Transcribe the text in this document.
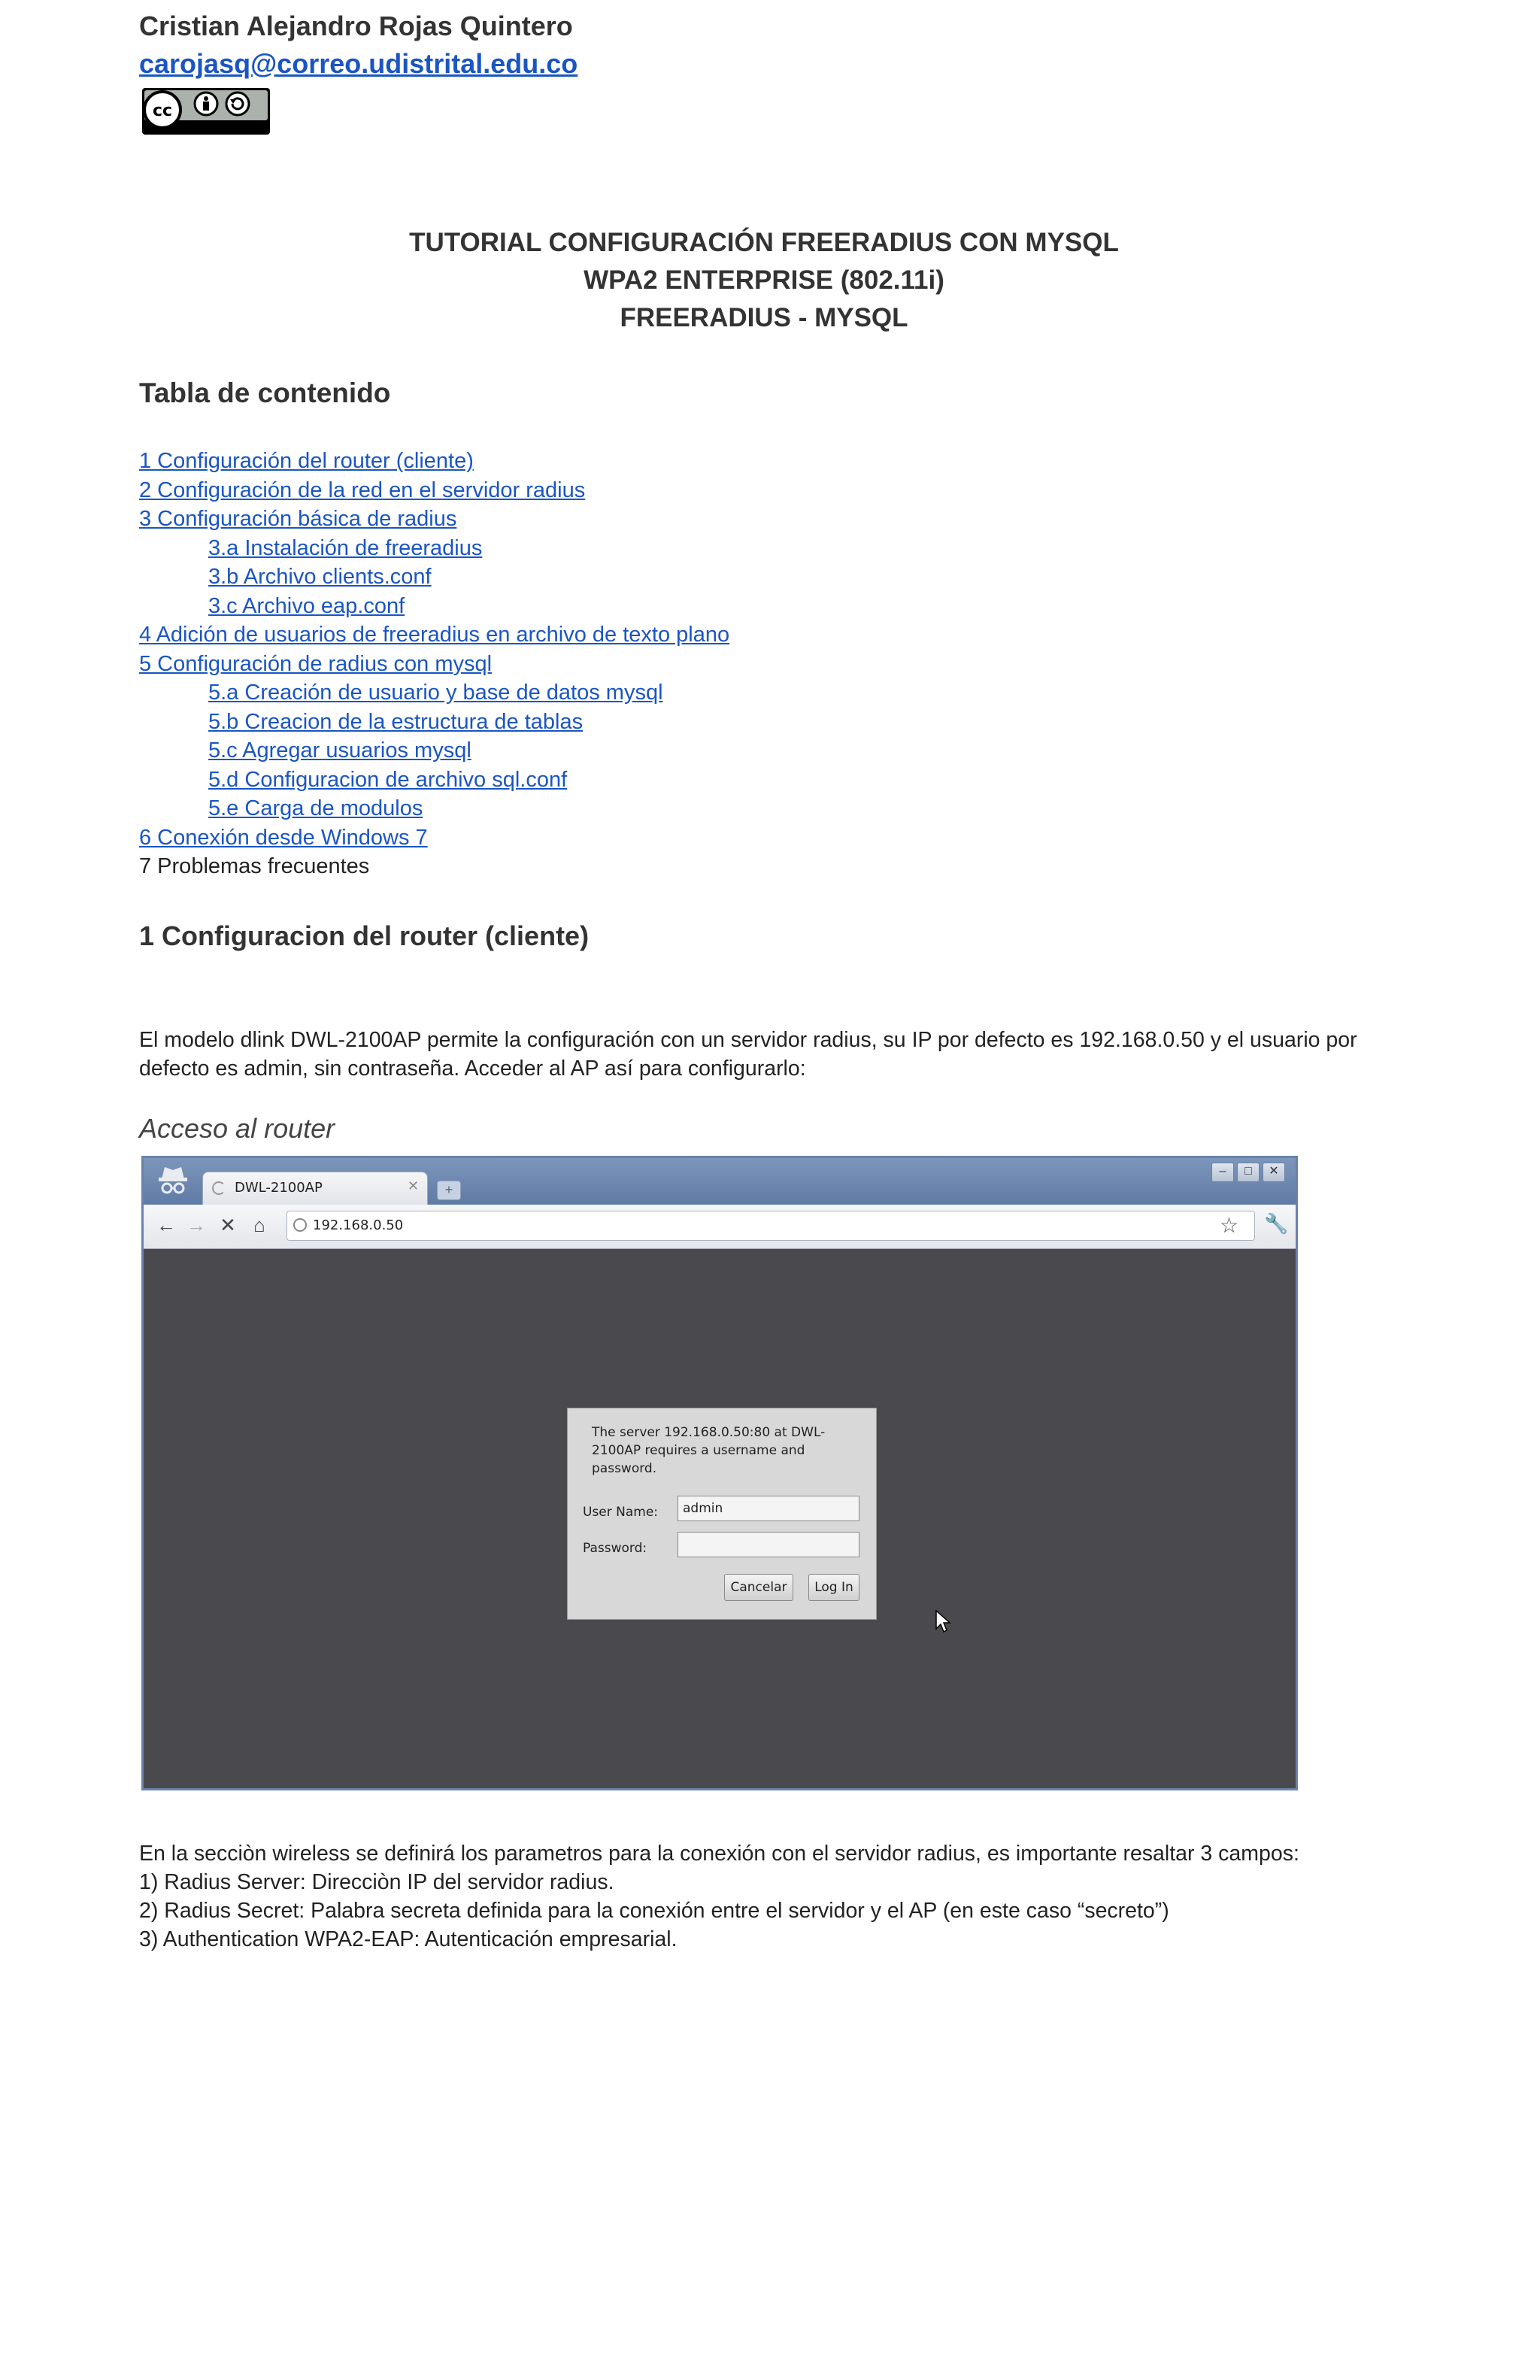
Cristian Alejandro Rojas Quintero
carojasq@correo.udistrital.edu.co
cc
TUTORIAL CONFIGURACIÓN FREERADIUS CON MYSQL
WPA2 ENTERPRISE (802.11i)
FREERADIUS - MYSQL
Tabla de contenido
1 Configuración del router (cliente)
2 Configuración de la red en el servidor radius
3 Configuración básica de radius
3.a Instalación de freeradius
3.b Archivo clients.conf
3.c Archivo eap.conf
4 Adición de usuarios de freeradius en archivo de texto plano
5 Configuración de radius con mysql
5.a Creación de usuario y base de datos mysql
5.b Creacion de la estructura de tablas
5.c Agregar usuarios mysql
5.d Configuracion de archivo sql.conf
5.e Carga de modulos
6 Conexión desde Windows 7
7 Problemas frecuentes
1 Configuracion del router (cliente)
El modelo dlink DWL-2100AP permite la configuración con un servidor radius, su IP por defecto es 192.168.0.50 y el usuario por defecto es admin, sin contraseña. Acceder al AP así para configurarlo:
Acceso al router
DWL-2100AP	✕	+
–	□	✕
← → ✕ ⌂	192.168.0.50	☆ 🔧
The server 192.168.0.50:80 at DWL-2100AP requires a username and password.
User Name:	admin
Password:
Cancelar	Log In
En la secciòn wireless se definirá los parametros para la conexión con el servidor radius, es importante resaltar 3 campos:
1) Radius Server: Direcciòn IP del servidor radius.
2) Radius Secret: Palabra secreta definida para la conexión entre el servidor y el AP (en este caso “secreto”)
3) Authentication WPA2-EAP: Autenticación empresarial.
